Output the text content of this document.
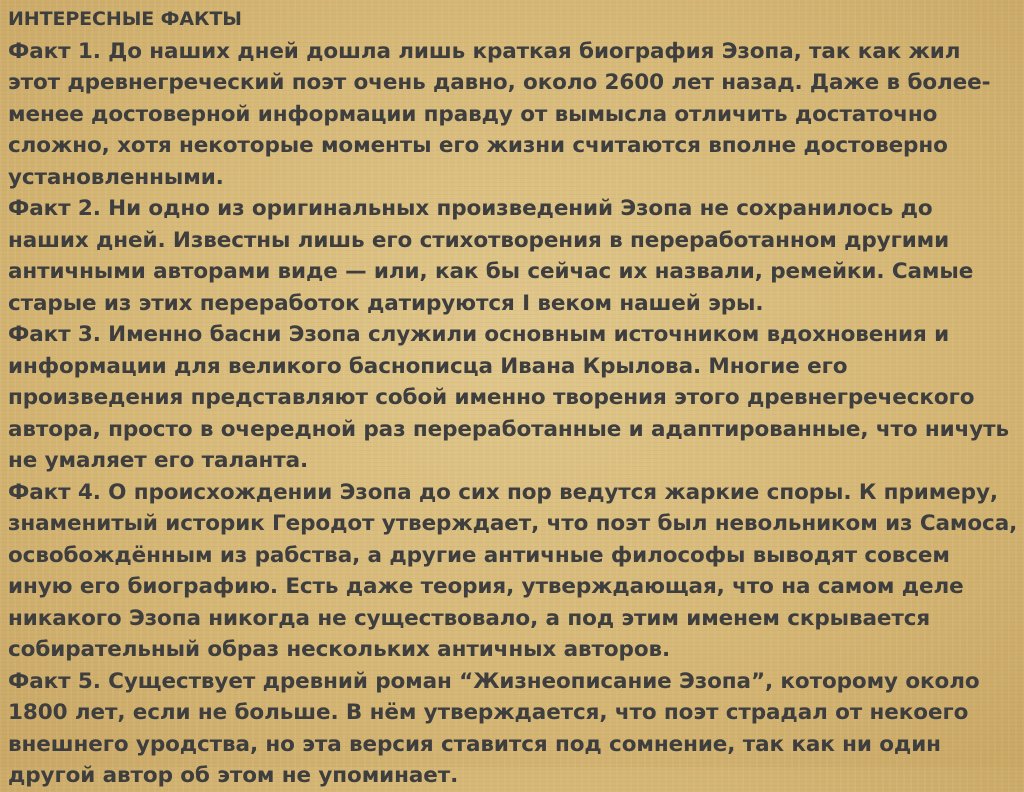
ИНТЕРЕСНЫЕ ФАКТЫ
Факт 1. До наших дней дошла лишь краткая биография Эзопа, так как жил этот древнегреческий поэт очень давно, около 2600 лет назад. Даже в более-менее достоверной информации правду от вымысла отличить достаточно сложно, хотя некоторые моменты его жизни считаются вполне достоверно установленными.
Факт 2. Ни одно из оригинальных произведений Эзопа не сохранилось до наших дней. Известны лишь его стихотворения в переработанном другими античными авторами виде — или, как бы сейчас их назвали, ремейки. Самые старые из этих переработок датируются I веком нашей эры.
Факт 3. Именно басни Эзопа служили основным источником вдохновения и информации для великого баснописца Ивана Крылова. Многие его произведения представляют собой именно творения этого древнегреческого автора, просто в очередной раз переработанные и адаптированные, что ничуть не умаляет его таланта.
Факт 4. О происхождении Эзопа до сих пор ведутся жаркие споры. К примеру, знаменитый историк Геродот утверждает, что поэт был невольником из Самоса, освобождённым из рабства, а другие античные философы выводят совсем иную его биографию. Есть даже теория, утверждающая, что на самом деле никакого Эзопа никогда не существовало, а под этим именем скрывается собирательный образ нескольких античных авторов.
Факт 5. Существует древний роман “Жизнеописание Эзопа”, которому около 1800 лет, если не больше. В нём утверждается, что поэт страдал от некоего внешнего уродства, но эта версия ставится под сомнение, так как ни один другой автор об этом не упоминает.
